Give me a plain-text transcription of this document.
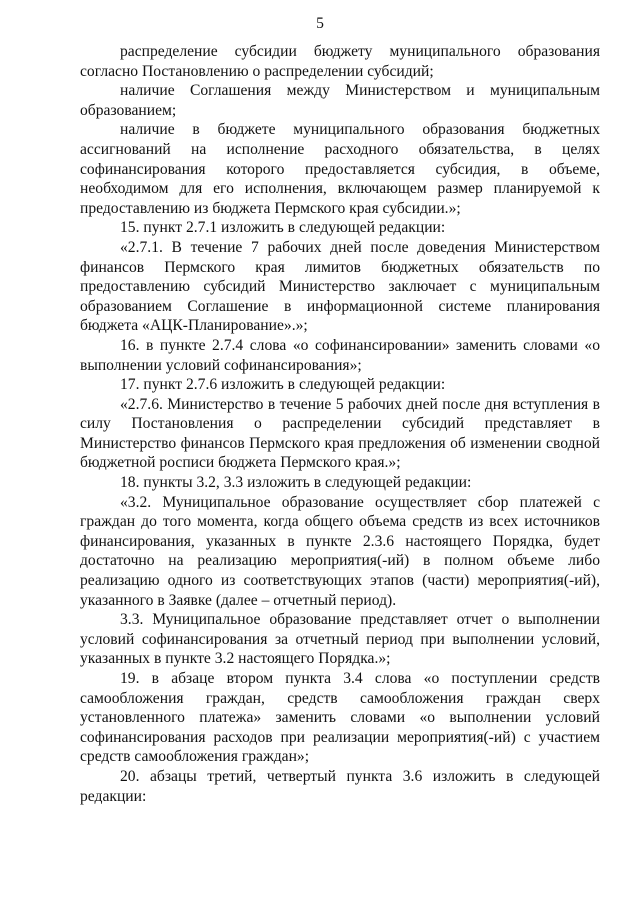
5

распределение субсидии бюджету муниципального образования согласно Постановлению о распределении субсидий;

наличие Соглашения между Министерством и муниципальным образованием;

наличие в бюджете муниципального образования бюджетных ассигнований на исполнение расходного обязательства, в целях софинансирования которого предоставляется субсидия, в объеме, необходимом для его исполнения, включающем размер планируемой к предоставлению из бюджета Пермского края субсидии.»;

15. пункт 2.7.1 изложить в следующей редакции:

«2.7.1. В течение 7 рабочих дней после доведения Министерством финансов Пермского края лимитов бюджетных обязательств по предоставлению субсидий Министерство заключает с муниципальным образованием Соглашение в информационной системе планирования бюджета «АЦК-Планирование».»;

16. в пункте 2.7.4 слова «о софинансировании» заменить словами «о выполнении условий софинансирования»;

17. пункт 2.7.6 изложить в следующей редакции:

«2.7.6. Министерство в течение 5 рабочих дней после дня вступления в силу Постановления о распределении субсидий представляет в Министерство финансов Пермского края предложения об изменении сводной бюджетной росписи бюджета Пермского края.»;

18. пункты 3.2, 3.3 изложить в следующей редакции:

«3.2. Муниципальное образование осуществляет сбор платежей с граждан до того момента, когда общего объема средств из всех источников финансирования, указанных в пункте 2.3.6 настоящего Порядка, будет достаточно на реализацию мероприятия(-ий) в полном объеме либо реализацию одного из соответствующих этапов (части) мероприятия(-ий), указанного в Заявке (далее – отчетный период).

3.3. Муниципальное образование представляет отчет о выполнении условий софинансирования за отчетный период при выполнении условий, указанных в пункте 3.2 настоящего Порядка.»;

19. в абзаце втором пункта 3.4 слова «о поступлении средств самообложения граждан, средств самообложения граждан сверх установленного платежа» заменить словами «о выполнении условий софинансирования расходов при реализации мероприятия(-ий) с участием средств самообложения граждан»;

20. абзацы третий, четвертый пункта 3.6 изложить в следующей редакции:
